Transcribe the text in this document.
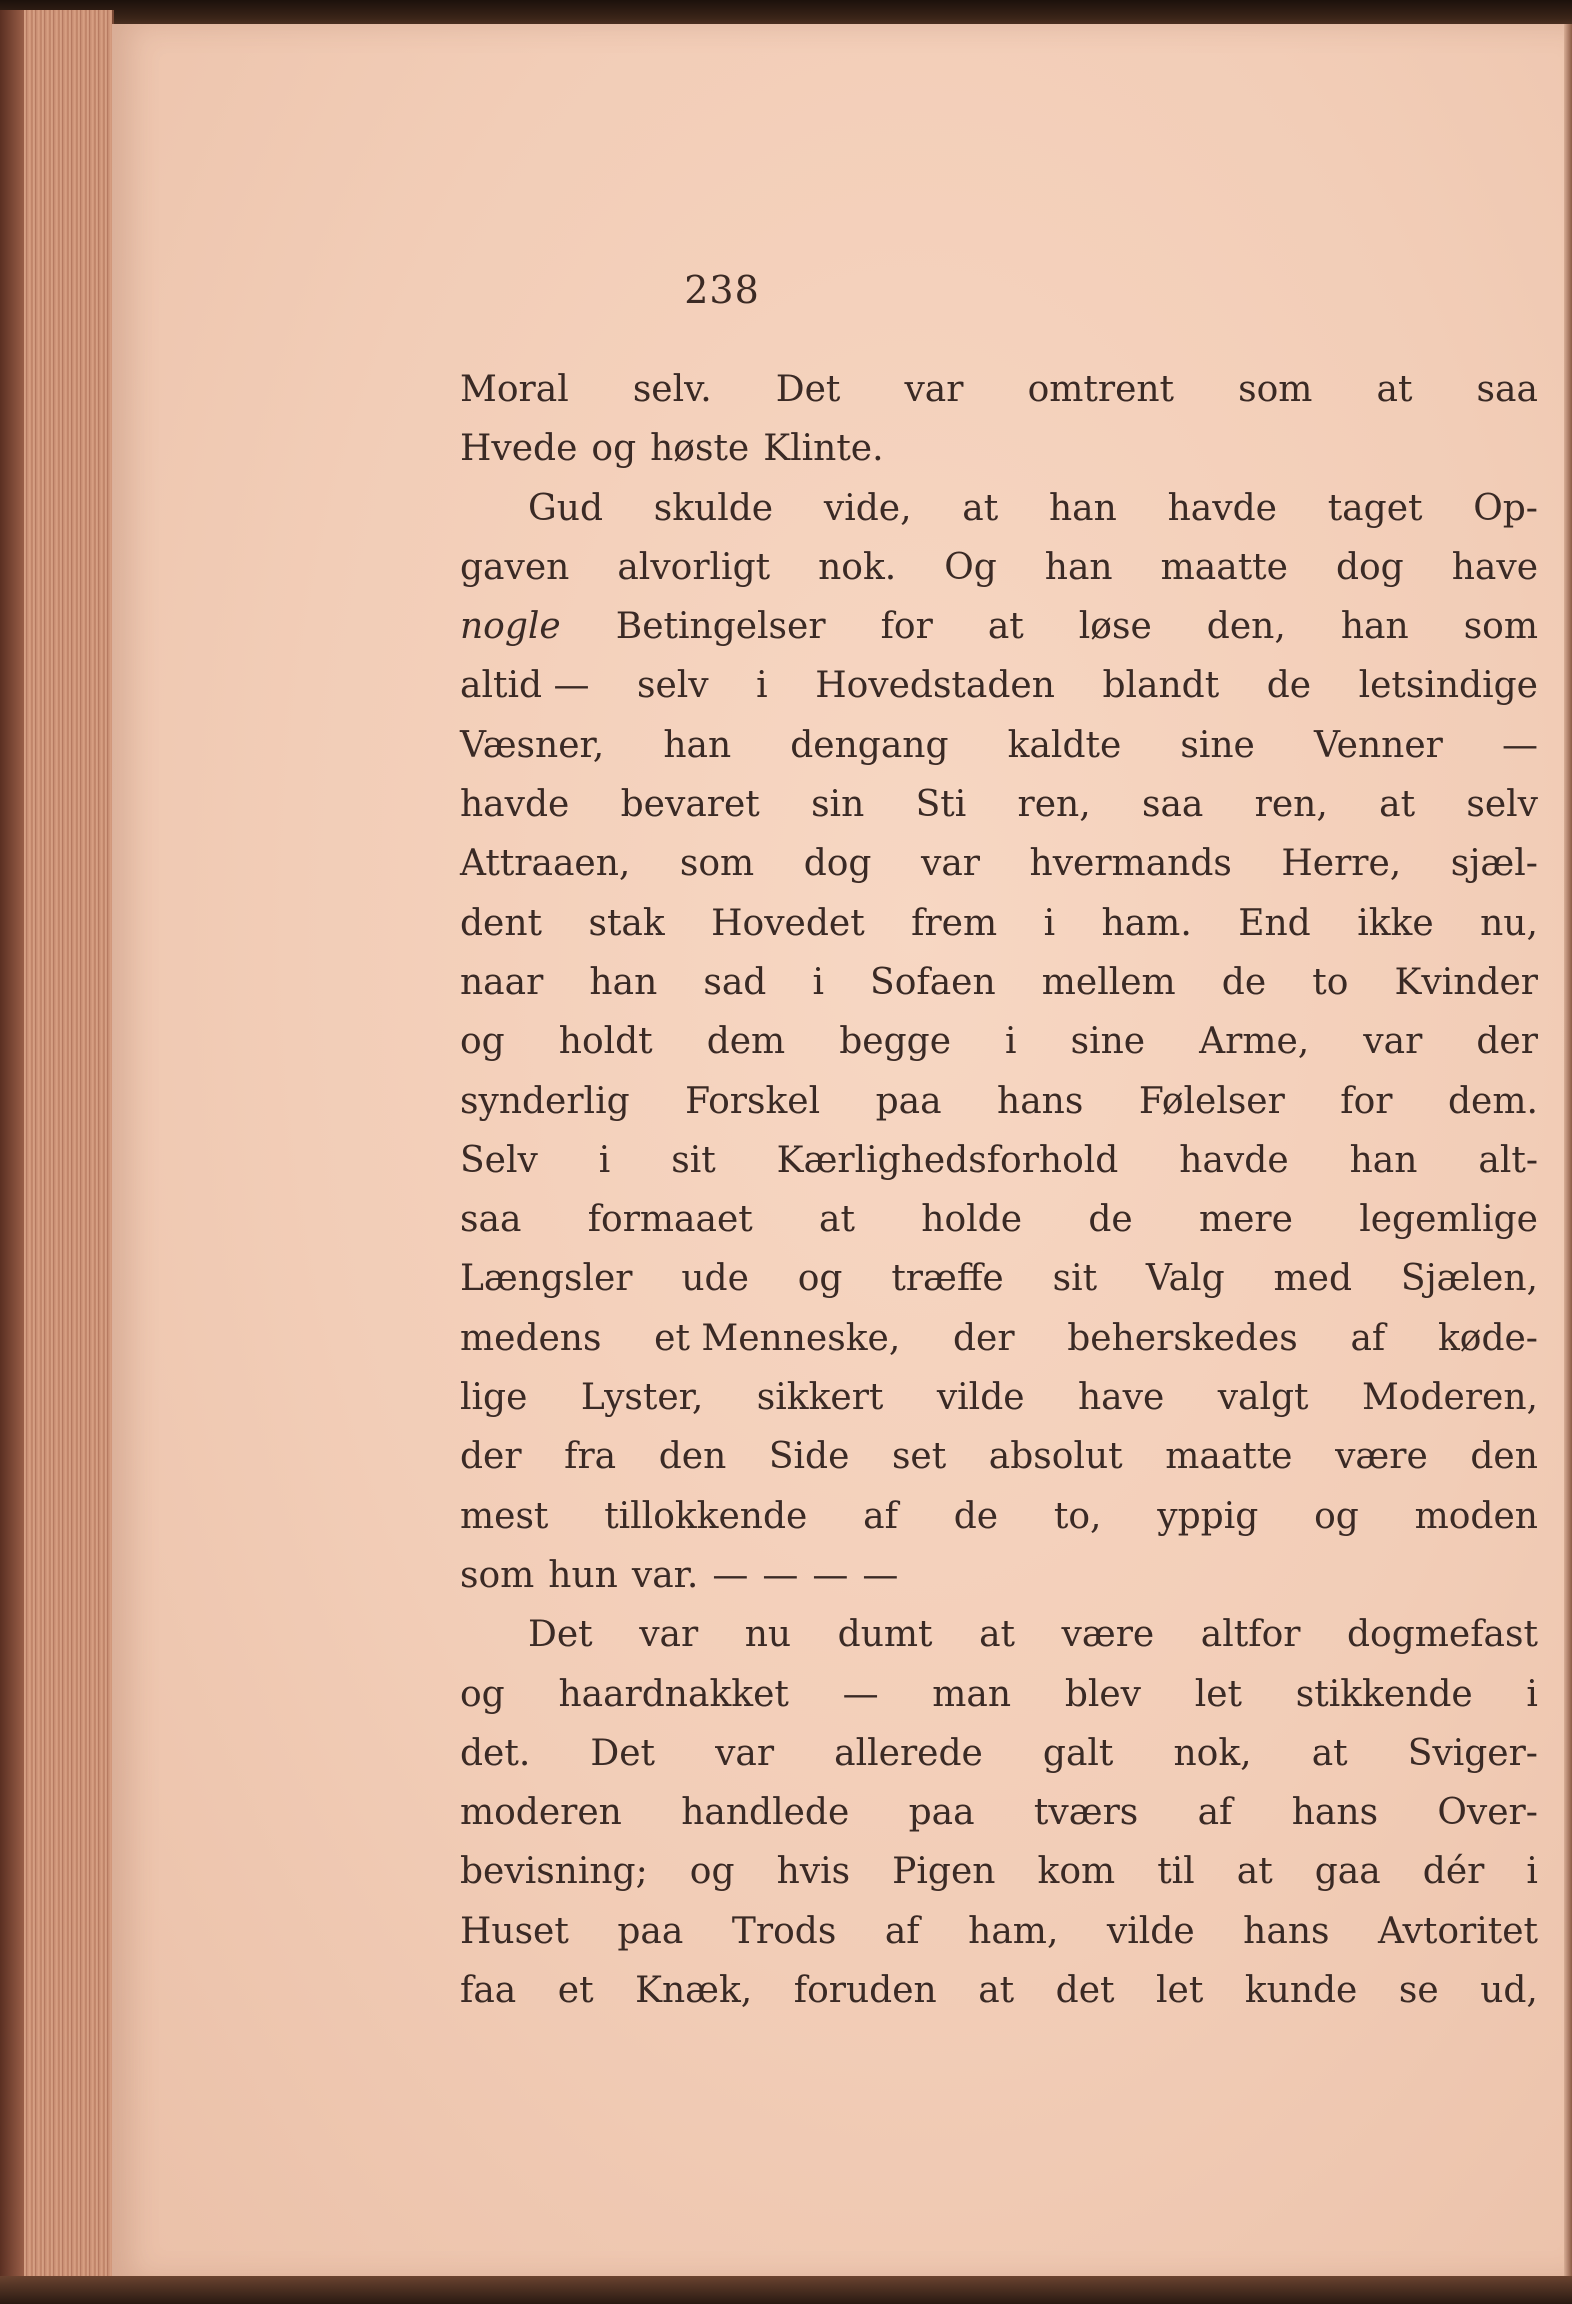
238
Moral selv. Det var omtrent som at saa
Hvede og høste Klinte.
Gud skulde vide, at han havde taget Op-
gaven alvorligt nok. Og han maatte dog have
nogle Betingelser for at løse den, han som
altid — selv i Hovedstaden blandt de letsindige
Væsner, han dengang kaldte sine Venner —
havde bevaret sin Sti ren, saa ren, at selv
Attraaen, som dog var hvermands Herre, sjæl-
dent stak Hovedet frem i ham. End ikke nu,
naar han sad i Sofaen mellem de to Kvinder
og holdt dem begge i sine Arme, var der
synderlig Forskel paa hans Følelser for dem.
Selv i sit Kærlighedsforhold havde han alt-
saa formaaet at holde de mere legemlige
Længsler ude og træffe sit Valg med Sjælen,
medens et Menneske, der beherskedes af køde-
lige Lyster, sikkert vilde have valgt Moderen,
der fra den Side set absolut maatte være den
mest tillokkende af de to, yppig og moden
som hun var. — — — —
Det var nu dumt at være altfor dogmefast
og haardnakket — man blev let stikkende i
det. Det var allerede galt nok, at Sviger-
moderen handlede paa tværs af hans Over-
bevisning; og hvis Pigen kom til at gaa dér i
Huset paa Trods af ham, vilde hans Avtoritet
faa et Knæk, foruden at det let kunde se ud,
